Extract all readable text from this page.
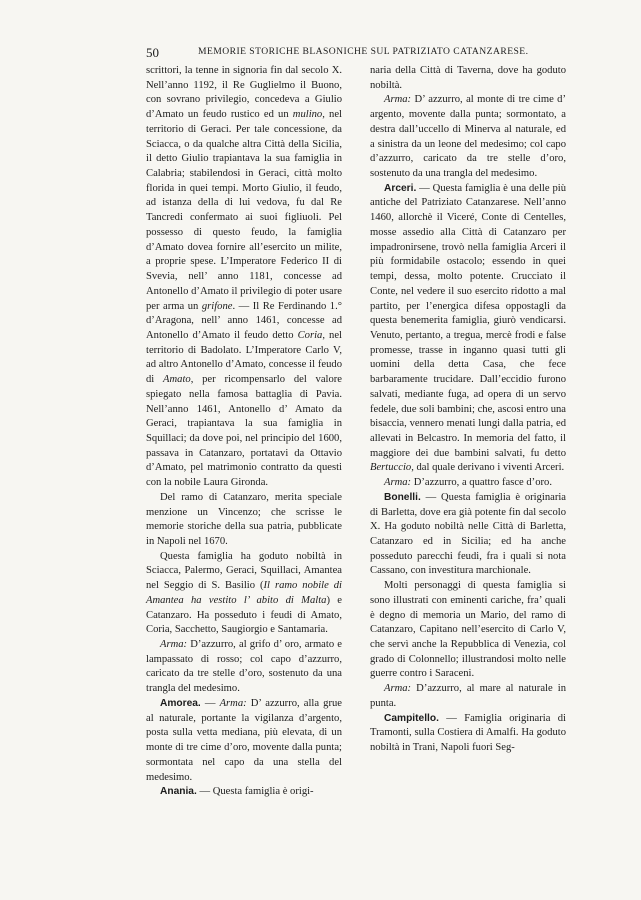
50	MEMORIE STORICHE BLASONICHE SUL PATRIZIATO CATANZARESE.

scrittori, la tenne in signoria fin dal secolo X. Nell’anno 1192, il Re Guglielmo il Buono, con sovrano privilegio, concedeva a Giulio d’Amato un feudo rustico ed un mulino, nel territorio di Geraci. Per tale concessione, da Sciacca, o da qualche altra Città della Sicilia, il detto Giulio trapiantava la sua famiglia in Calabria; stabilendosi in Geraci, città molto florida in quei tempi. Morto Giulio, il feudo, ad istanza della di lui vedova, fu dal Re Tancredi confermato ai suoi figliuoli. Pel possesso di questo feudo, la famiglia d’Amato dovea fornire all’esercito un milite, a proprie spese. L’Imperatore Federico II di Svevia, nell’ anno 1181, concesse ad Antonello d’Amato il privilegio di poter usare per arma un grifone. — Il Re Ferdinando 1.° d’Aragona, nell’ anno 1461, concesse ad Antonello d’Amato il feudo detto Coria, nel territorio di Badolato. L’Imperatore Carlo V, ad altro Antonello d’Amato, concesse il feudo di Amato, per ricompensarlo del valore spiegato nella famosa battaglia di Pavia. Nell’anno 1461, Antonello d’ Amato da Geraci, trapiantava la sua famiglia in Squillaci; da dove poi, nel principio del 1600, passava in Catanzaro, portatavi da Ottavio d’Amato, pel matrimonio contratto da questi con la nobile Laura Gironda.

Del ramo di Catanzaro, merita speciale menzione un Vincenzo; che scrisse le memorie storiche della sua patria, pubblicate in Napoli nel 1670.

Questa famiglia ha goduto nobiltà in Sciacca, Palermo, Geraci, Squillaci, Amantea nel Seggio di S. Basilio (Il ramo nobile di Amantea ha vestito l’ abito di Malta) e Catanzaro. Ha posseduto i feudi di Amato, Coria, Sacchetto, Saugiorgio e Santamaria.

Arma: D’azzurro, al grifo d’ oro, armato e lampassato di rosso; col capo d’azzurro, caricato da tre stelle d’oro, sostenuto da una trangla del medesimo.

Amorea. — Arma: D’ azzurro, alla grue al naturale, portante la vigilanza d’argento, posta sulla vetta mediana, più elevata, di un monte di tre cime d’oro, movente dalla punta; sormontata nel capo da una stella del medesimo.

Anania. — Questa famiglia è origi-

naria della Città di Taverna, dove ha goduto nobiltà.

Arma: D’ azzurro, al monte di tre cime d’ argento, movente dalla punta; sormontato, a destra dall’uccello di Minerva al naturale, ed a sinistra da un leone del medesimo; col capo d’azzurro, caricato da tre stelle d’oro, sostenuto da una trangla del medesimo.

Arceri. — Questa famiglia è una delle più antiche del Patriziato Catanzarese. Nell’anno 1460, allorchè il Viceré, Conte di Centelles, mosse assedio alla Città di Catanzaro per impadronirsene, trovò nella famiglia Arceri il più formidabile ostacolo; essendo in quei tempi, dessa, molto potente. Crucciato il Conte, nel vedere il suo esercito ridotto a mal partito, per l’energica difesa oppostagli da questa benemerita famiglia, giurò vendicarsi. Venuto, pertanto, a tregua, mercè frodi e false promesse, trasse in inganno quasi tutti gli uomini della detta Casa, che fece barbaramente trucidare. Dall’eccidio furono salvati, mediante fuga, ad opera di un servo fedele, due soli bambini; che, ascosi entro una bisaccia, vennero menati lungi dalla patria, ed allevati in Belcastro. In memoria del fatto, il maggiore dei due bambini salvati, fu detto Bertuccio, dal quale derivano i viventi Arceri.

Arma: D’azzurro, a quattro fasce d’oro.

Bonelli. — Questa famiglia è originaria di Barletta, dove era già potente fin dal secolo X. Ha goduto nobiltà nelle Città di Barletta, Catanzaro ed in Sicilia; ed ha anche posseduto parecchi feudi, fra i quali si nota Cassano, con investitura marchionale.

Molti personaggi di questa famiglia si sono illustrati con eminenti cariche, fra’ quali è degno di memoria un Mario, del ramo di Catanzaro, Capitano nell’esercito di Carlo V, che servì anche la Repubblica di Venezia, col grado di Colonnello; illustrandosi molto nelle guerre contro i Saraceni.

Arma: D’azzurro, al mare al naturale in punta.

Campitello. — Famiglia originaria di Tramonti, sulla Costiera di Amalfi. Ha goduto nobiltà in Trani, Napoli fuori Seg-
